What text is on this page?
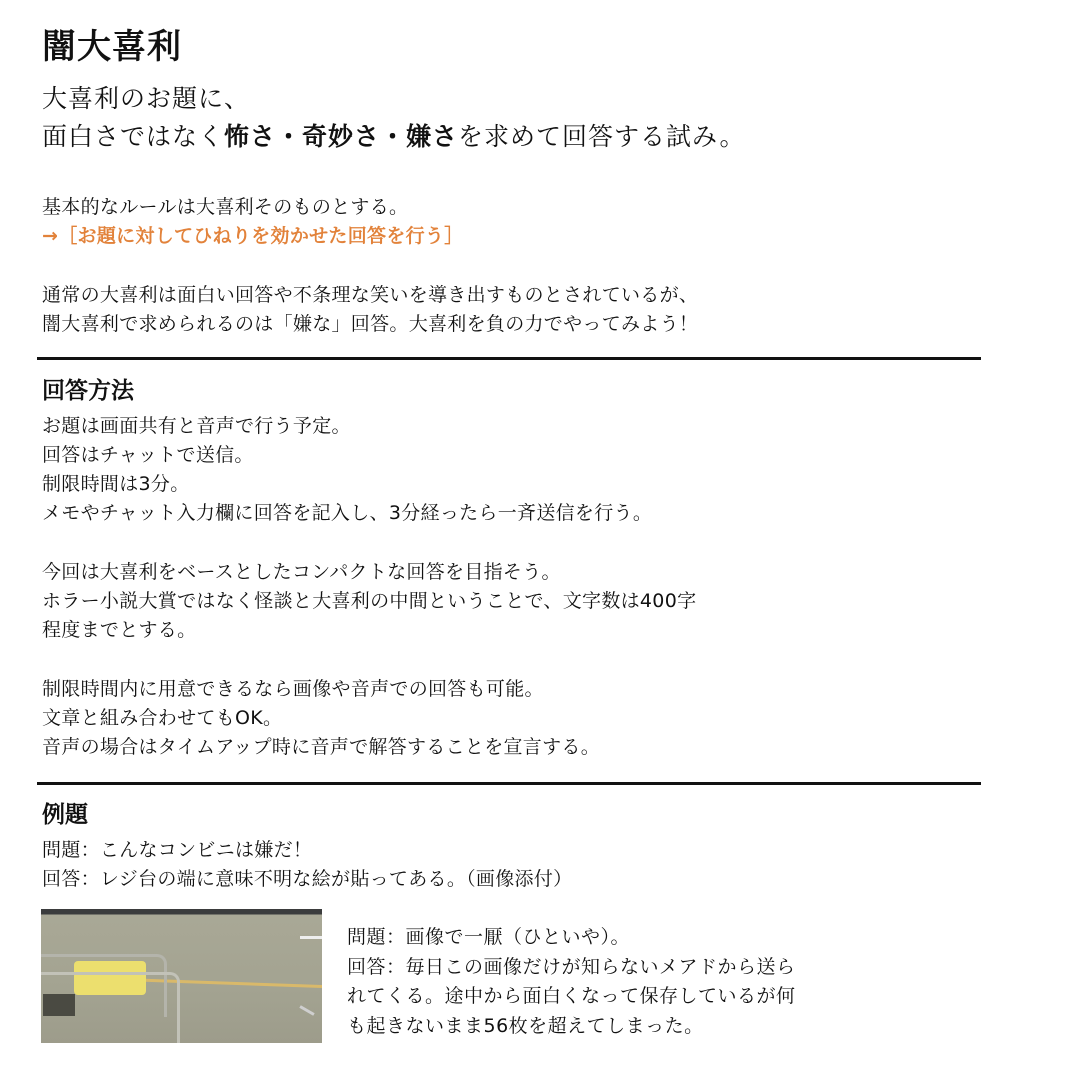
闇大喜利
大喜利のお題に、
面白さではなく怖さ・奇妙さ・嫌さを求めて回答する試み。
基本的なルールは大喜利そのものとする。
→［お題に対してひねりを効かせた回答を行う］
通常の大喜利は面白い回答や不条理な笑いを導き出すものとされているが、
闇大喜利で求められるのは「嫌な」回答。大喜利を負の力でやってみよう！
回答方法
お題は画面共有と音声で行う予定。
回答はチャットで送信。
制限時間は3分。
メモやチャット入力欄に回答を記入し、3分経ったら一斉送信を行う。
今回は大喜利をベースとしたコンパクトな回答を目指そう。
ホラー小説大賞ではなく怪談と大喜利の中間ということで、文字数は400字
程度までとする。
制限時間内に用意できるなら画像や音声での回答も可能。
文章と組み合わせてもOK。
音声の場合はタイムアップ時に音声で解答することを宣言する。
例題
問題：こんなコンビニは嫌だ！
回答：レジ台の端に意味不明な絵が貼ってある。（画像添付）
問題：画像で一厭（ひといや）。
回答：毎日この画像だけが知らないメアドから送ら
れてくる。途中から面白くなって保存しているが何
も起きないまま56枚を超えてしまった。
